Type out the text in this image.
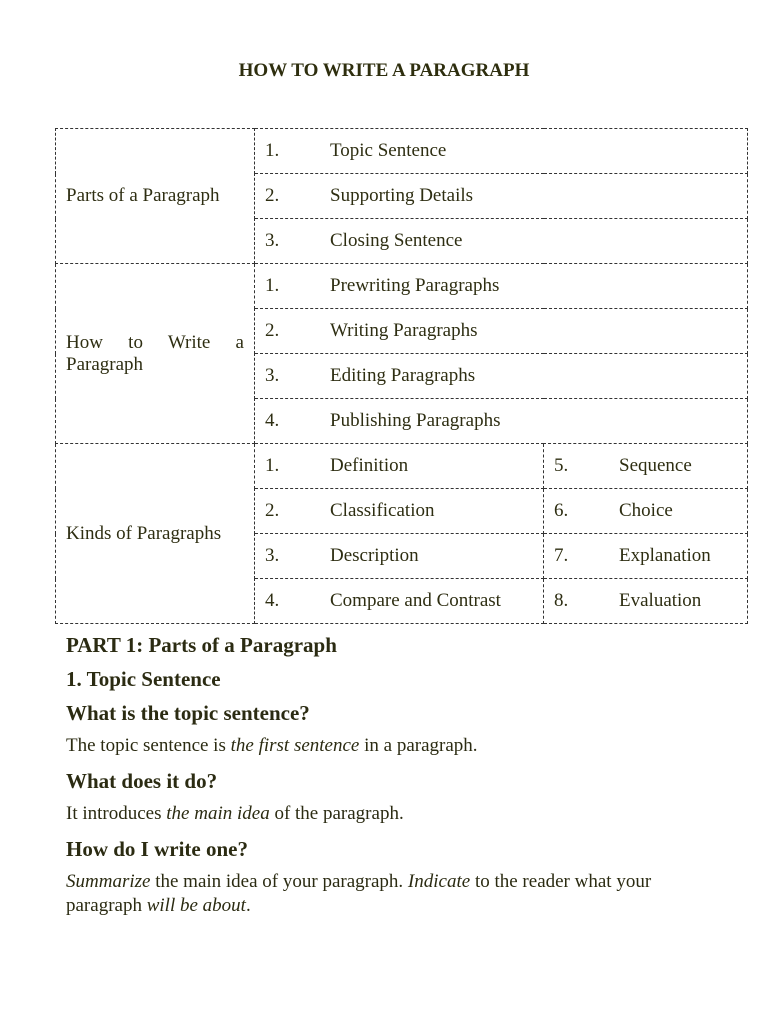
HOW TO WRITE A PARAGRAPH
Parts of a Paragraph	1. Topic Sentence	
	2. Supporting Details	
	3. Closing Sentence	
How to Write a Paragraph	1. Prewriting Paragraphs	
	2. Writing Paragraphs	
	3. Editing Paragraphs	
	4. Publishing Paragraphs	
Kinds of Paragraphs	1. Definition	5. Sequence
	2. Classification	6. Choice
	3. Description	7. Explanation
	4. Compare and Contrast	8. Evaluation

PART 1: Parts of a Paragraph

1. Topic Sentence

What is the topic sentence?

The topic sentence is the first sentence in a paragraph.

What does it do?

It introduces the main idea of the paragraph.

How do I write one?

Summarize the main idea of your paragraph. Indicate to the reader what your paragraph will be about.
